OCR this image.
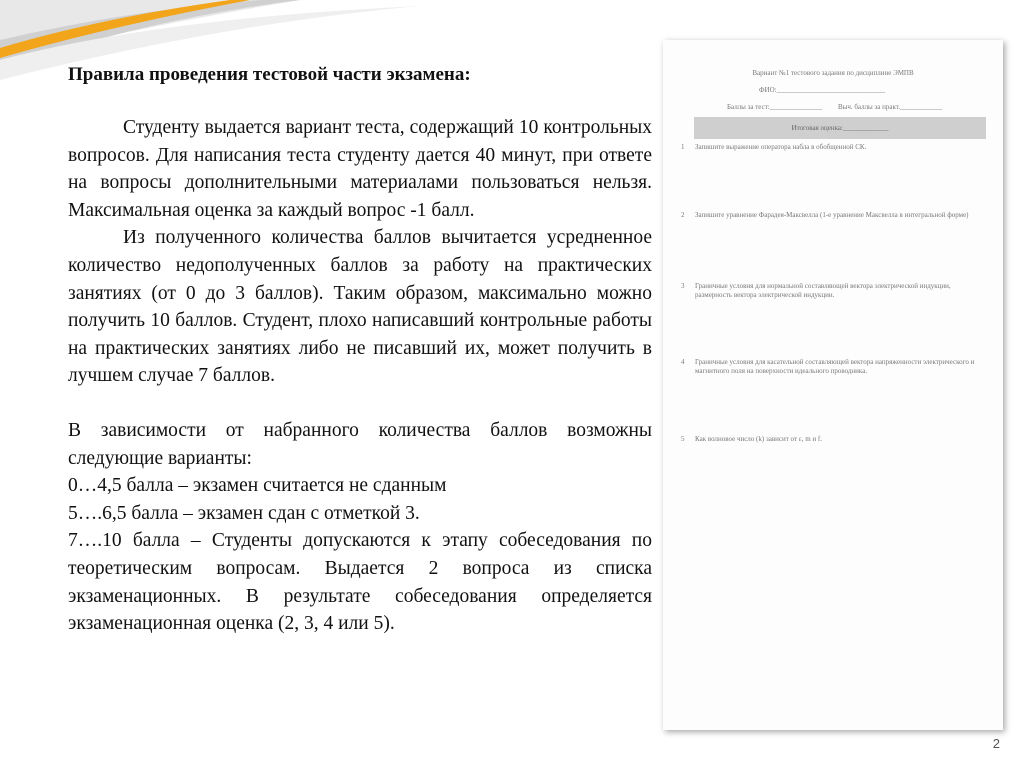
Правила проведения тестовой части экзамена:

Студенту выдается вариант теста, содержащий 10 контрольных вопросов. Для написания теста студенту дается 40 минут, при ответе на вопросы дополнительными материалами пользоваться нельзя. Максимальная оценка за каждый вопрос -1 балл.

Из полученного количества баллов вычитается усредненное количество недополученных баллов за работу на практических занятиях (от 0 до 3 баллов). Таким образом, максимально можно получить 10 баллов. Студент, плохо написавший контрольные работы на практических занятиях либо не писавший их, может получить в лучшем случае 7 баллов.

В зависимости от набранного количества баллов возможны следующие варианты:

0…4,5 балла – экзамен считается не сданным

5….6,5 балла – экзамен сдан с отметкой 3.

7….10 балла – Студенты допускаются к этапу собеседования по теоретическим вопросам. Выдается 2 вопроса из списка экзаменационных. В результате собеседования определяется экзаменационная оценка (2, 3, 4 или 5).

Вариант №1 тестового задания по дисциплине ЭМПВ
ФИО:_______________________________
Баллы за тест:_______________ Выч. баллы за практ.____________
Итоговая оценка:_____________
1 Запишите выражение оператора набла в обобщенной СК.
2 Запишите уравнение Фарадея-Максвелла (1-е уравнение Максвелла в интегральной форме)
3 Граничные условия для нормальной составляющей вектора электрической индукции, размерность вектора электрической индукции.
4 Граничные условия для касательной составляющей вектора напряженности электрического и магнитного поля на поверхности идеального проводника.
5 Как волновое число (k) зависит от ε, m и f.
2
